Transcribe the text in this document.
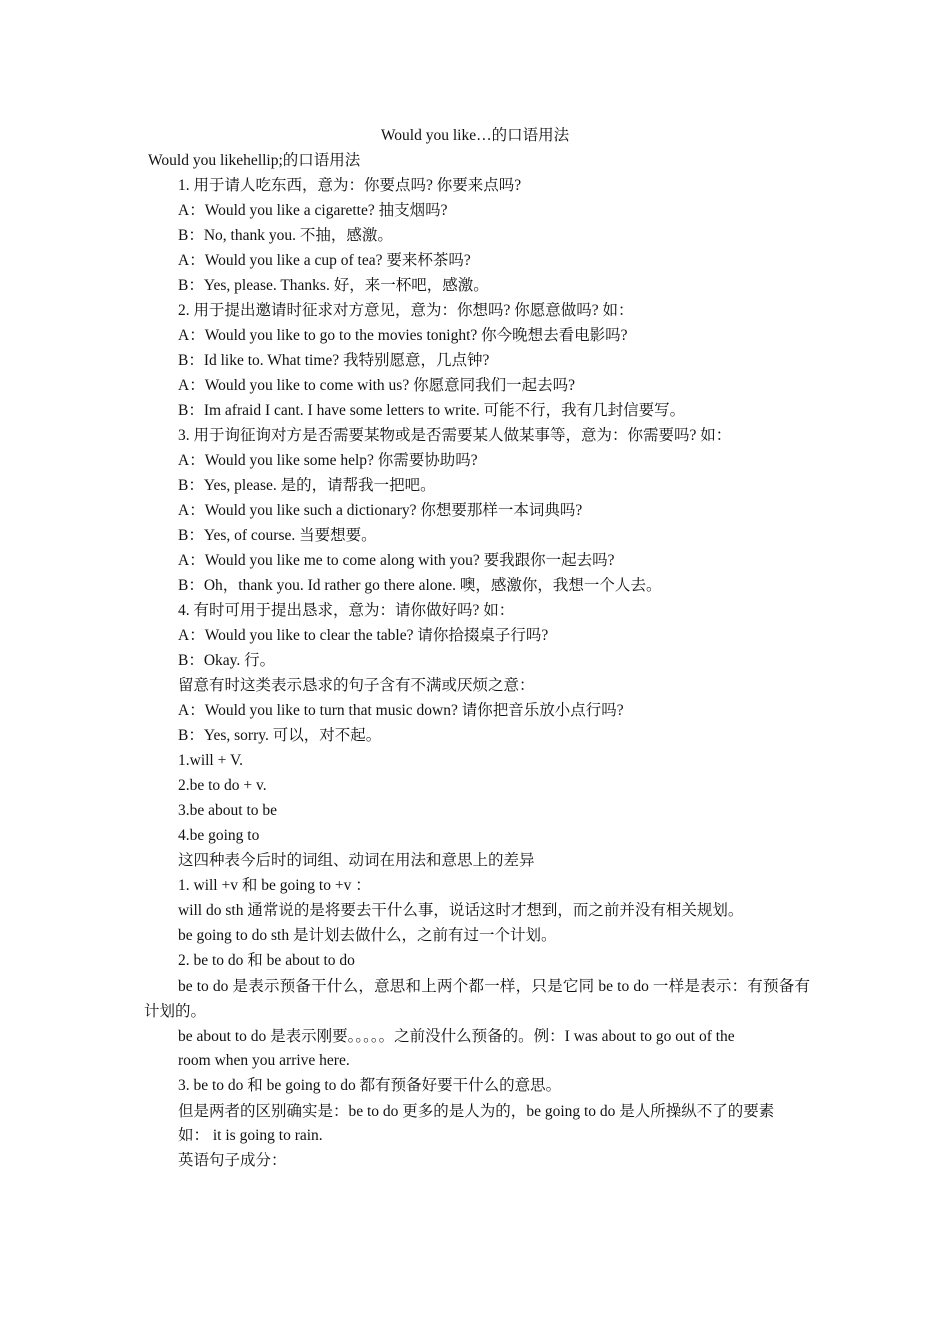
Would you like…的口语用法
Would you likehellip;的口语用法
1. 用于请人吃东西，意为：你要点吗? 你要来点吗?
A：Would you like a cigarette? 抽支烟吗?
B：No, thank you. 不抽，感激。
A：Would you like a cup of tea? 要来杯茶吗?
B：Yes, please. Thanks. 好，来一杯吧，感激。
2. 用于提出邀请时征求对方意见，意为：你想吗? 你愿意做吗? 如：
A：Would you like to go to the movies tonight? 你今晚想去看电影吗?
B：Id like to. What time? 我特别愿意，几点钟?
A：Would you like to come with us? 你愿意同我们一起去吗?
B：Im afraid I cant. I have some letters to write. 可能不行，我有几封信要写。
3. 用于询征询对方是否需要某物或是否需要某人做某事等，意为：你需要吗? 如：
A：Would you like some help? 你需要协助吗?
B：Yes, please. 是的，请帮我一把吧。
A：Would you like such a dictionary? 你想要那样一本词典吗?
B：Yes, of course. 当要想要。
A：Would you like me to come along with you? 要我跟你一起去吗?
B：Oh，thank you. Id rather go there alone. 噢，感激你，我想一个人去。
4. 有时可用于提出恳求，意为：请你做好吗? 如：
A：Would you like to clear the table? 请你拾掇桌子行吗?
B：Okay. 行。
留意有时这类表示恳求的句子含有不满或厌烦之意：
A：Would you like to turn that music down? 请你把音乐放小点行吗?
B：Yes, sorry. 可以，对不起。
1.will + V.
2.be to do + v.
3.be about to be
4.be going to
这四种表今后时的词组、动词在用法和意思上的差异
1. will +v 和 be going to +v ：
will do sth 通常说的是将要去干什么事，说话这时才想到，而之前并没有相关规划。
be going to do sth 是计划去做什么，之前有过一个计划。
2. be to do 和 be about to do
be to do 是表示预备干什么，意思和上两个都一样，只是它同 be to do 一样是表示：有预备有计划的。
be about to do 是表示刚要。。。。。之前没什么预备的。例：I was about to go out of the
room when you arrive here.
3. be to do 和 be going to do 都有预备好要干什么的意思。
但是两者的区别确实是：be to do 更多的是人为的，be going to do 是人所操纵不了的要素
如： it is going to rain.
英语句子成分：
